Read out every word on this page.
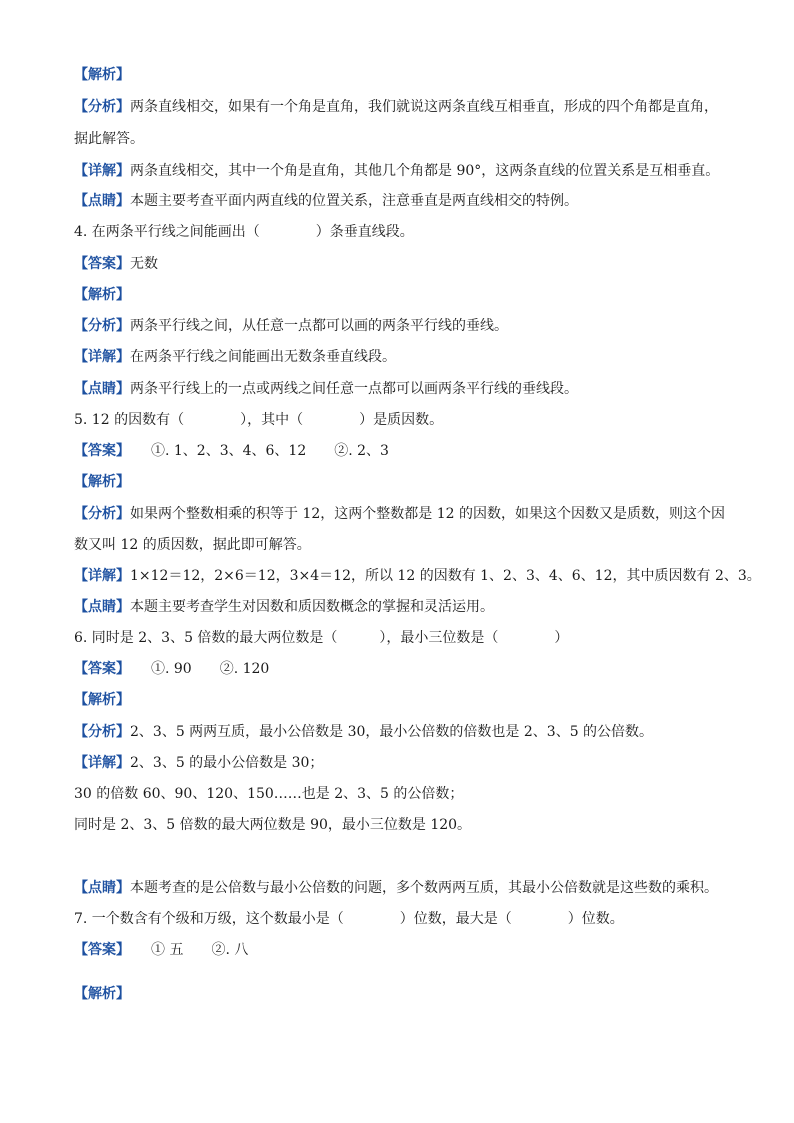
【解析】
【分析】两条直线相交，如果有一个角是直角，我们就说这两条直线互相垂直，形成的四个角都是直角，
据此解答。
【详解】两条直线相交，其中一个角是直角，其他几个角都是 90°，这两条直线的位置关系是互相垂直。
【点睛】本题主要考查平面内两直线的位置关系，注意垂直是两直线相交的特例。
4. 在两条平行线之间能画出（　　　　）条垂直线段。
【答案】无数
【解析】
【分析】两条平行线之间，从任意一点都可以画的两条平行线的垂线。
【详解】在两条平行线之间能画出无数条垂直线段。
【点睛】两条平行线上的一点或两线之间任意一点都可以画两条平行线的垂线段。
5. 12 的因数有（　　　　），其中（　　　　）是质因数。
【答案】　　①. 1、2、3、4、6、12　　②. 2、3
【解析】
【分析】如果两个整数相乘的积等于 12，这两个整数都是 12 的因数，如果这个因数又是质数，则这个因
数又叫 12 的质因数，据此即可解答。
【详解】1×12＝12，2×6＝12，3×4＝12，所以 12 的因数有 1、2、3、4、6、12，其中质因数有 2、3。
【点睛】本题主要考查学生对因数和质因数概念的掌握和灵活运用。
6. 同时是 2、3、5 倍数的最大两位数是（　　　），最小三位数是（　　　　）
【答案】　　①. 90　　②. 120
【解析】
【分析】2、3、5 两两互质，最小公倍数是 30，最小公倍数的倍数也是 2、3、5 的公倍数。
【详解】2、3、5 的最小公倍数是 30；
30 的倍数 60、90、120、150……也是 2、3、5 的公倍数；
同时是 2、3、5 倍数的最大两位数是 90，最小三位数是 120。
【点睛】本题考查的是公倍数与最小公倍数的问题，多个数两两互质，其最小公倍数就是这些数的乘积。
7. 一个数含有个级和万级，这个数最小是（　　　　）位数，最大是（　　　　）位数。
【答案】　　① 五　　②. 八
【解析】
